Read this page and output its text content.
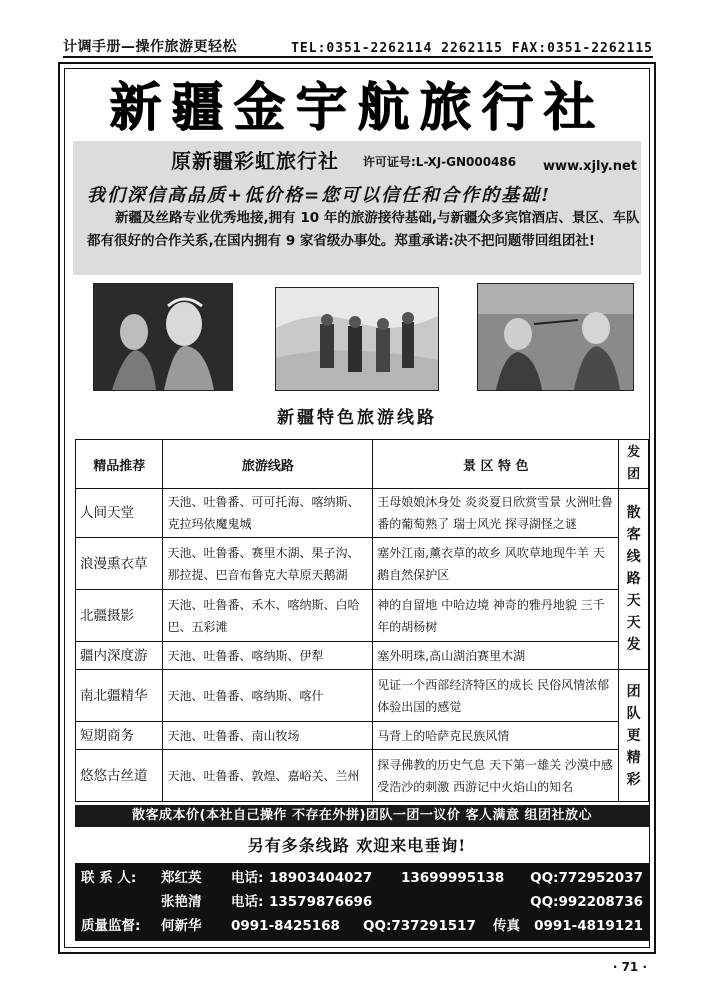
计调手册—操作旅游更轻松	TEL:0351-2262114 2262115 FAX:0351-2262115
新疆金宇航旅行社
原新疆彩虹旅行社 许可证号:L-XJ-GN000486 www.xjly.net
我们深信高品质+低价格=您可以信任和合作的基础!
新疆及丝路专业优秀地接,拥有 10 年的旅游接待基础,与新疆众多宾馆酒店、景区、车队都有很好的合作关系,在国内拥有 9 家省级办事处。郑重承诺:决不把问题带回组团社!
新疆特色旅游线路
精品推荐	旅游线路	景 区 特 色	发团
人间天堂	天池、吐鲁番、可可托海、喀纳斯、克拉玛依魔鬼城	王母娘娘沐身处 炎炎夏日欣赏雪景 火洲吐鲁番的葡萄熟了 瑞士风光 探寻湖怪之谜	散客线路天天发
浪漫熏衣草	天池、吐鲁番、赛里木湖、果子沟、那拉提、巴音布鲁克大草原天鹅湖	塞外江南,薰衣草的故乡 风吹草地现牛羊 天鹅自然保护区	
北疆摄影	天池、吐鲁番、禾木、喀纳斯、白哈巴、五彩滩	神的自留地 中哈边境 神奇的雅丹地貌 三千年的胡杨树	
疆内深度游	天池、吐鲁番、喀纳斯、伊犁	塞外明珠,高山湖泊赛里木湖	
南北疆精华	天池、吐鲁番、喀纳斯、喀什	见证一个西部经济特区的成长 民俗风情浓郁 体验出国的感觉	团队更精彩
短期商务	天池、吐鲁番、南山牧场	马背上的哈萨克民族风情	
悠悠古丝道	天池、吐鲁番、敦煌、嘉峪关、兰州	探寻佛教的历史气息 天下第一雄关 沙漠中感受浩沙的刺激 西游记中火焰山的知名	
散客成本价(本社自己操作 不存在外拼)团队一团一议价 客人满意 组团社放心
另有多条线路 欢迎来电垂询!
联 系 人: 郑红英 电话: 18903404027 13699995138 QQ:772952037
张艳清 电话: 13579876696	QQ:992208736
质量监督: 何新华 0991-8425168 QQ:737291517 传真 0991-4819121
· 71 ·
